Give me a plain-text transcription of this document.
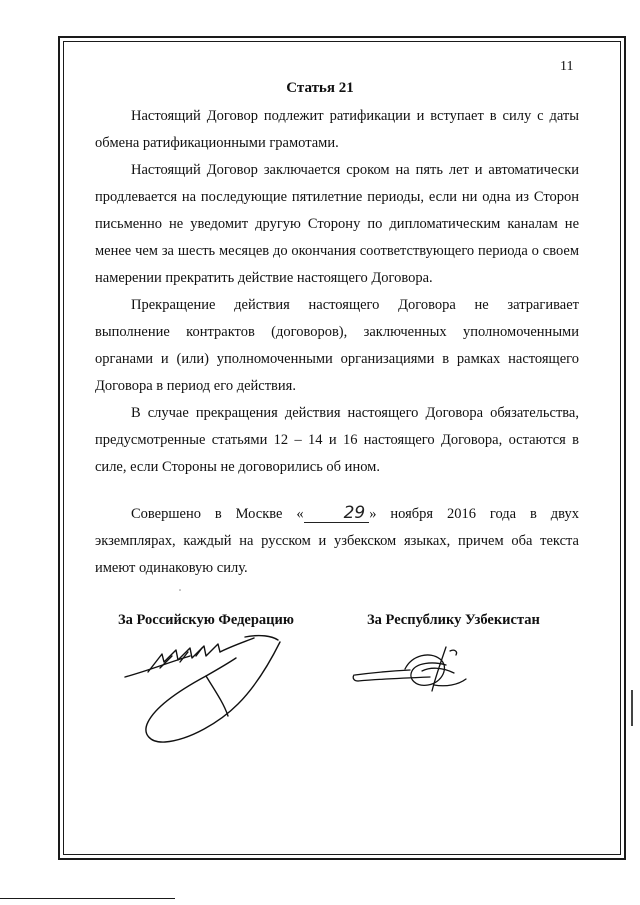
11
Статья 21

Настоящий Договор подлежит ратификации и вступает в силу с даты обмена ратификационными грамотами.

Настоящий Договор заключается сроком на пять лет и автоматически продлевается на последующие пятилетние периоды, если ни одна из Сторон письменно не уведомит другую Сторону по дипломатическим каналам не менее чем за шесть месяцев до окончания соответствующего периода о своем намерении прекратить действие настоящего Договора.

Прекращение действия настоящего Договора не затрагивает выполнение контрактов (договоров), заключенных уполномоченными органами и (или) уполномоченными организациями в рамках настоящего Договора в период его действия.

В случае прекращения действия настоящего Договора обязательства, предусмотренные статьями 12 – 14 и 16 настоящего Договора, остаются в силе, если Стороны не договорились об ином.

Совершено в Москве « 29 » ноября 2016 года в двух экземплярах, каждый на русском и узбекском языках, причем оба текста имеют одинаковую силу.

За Российскую Федерацию	За Республику Узбекистан
